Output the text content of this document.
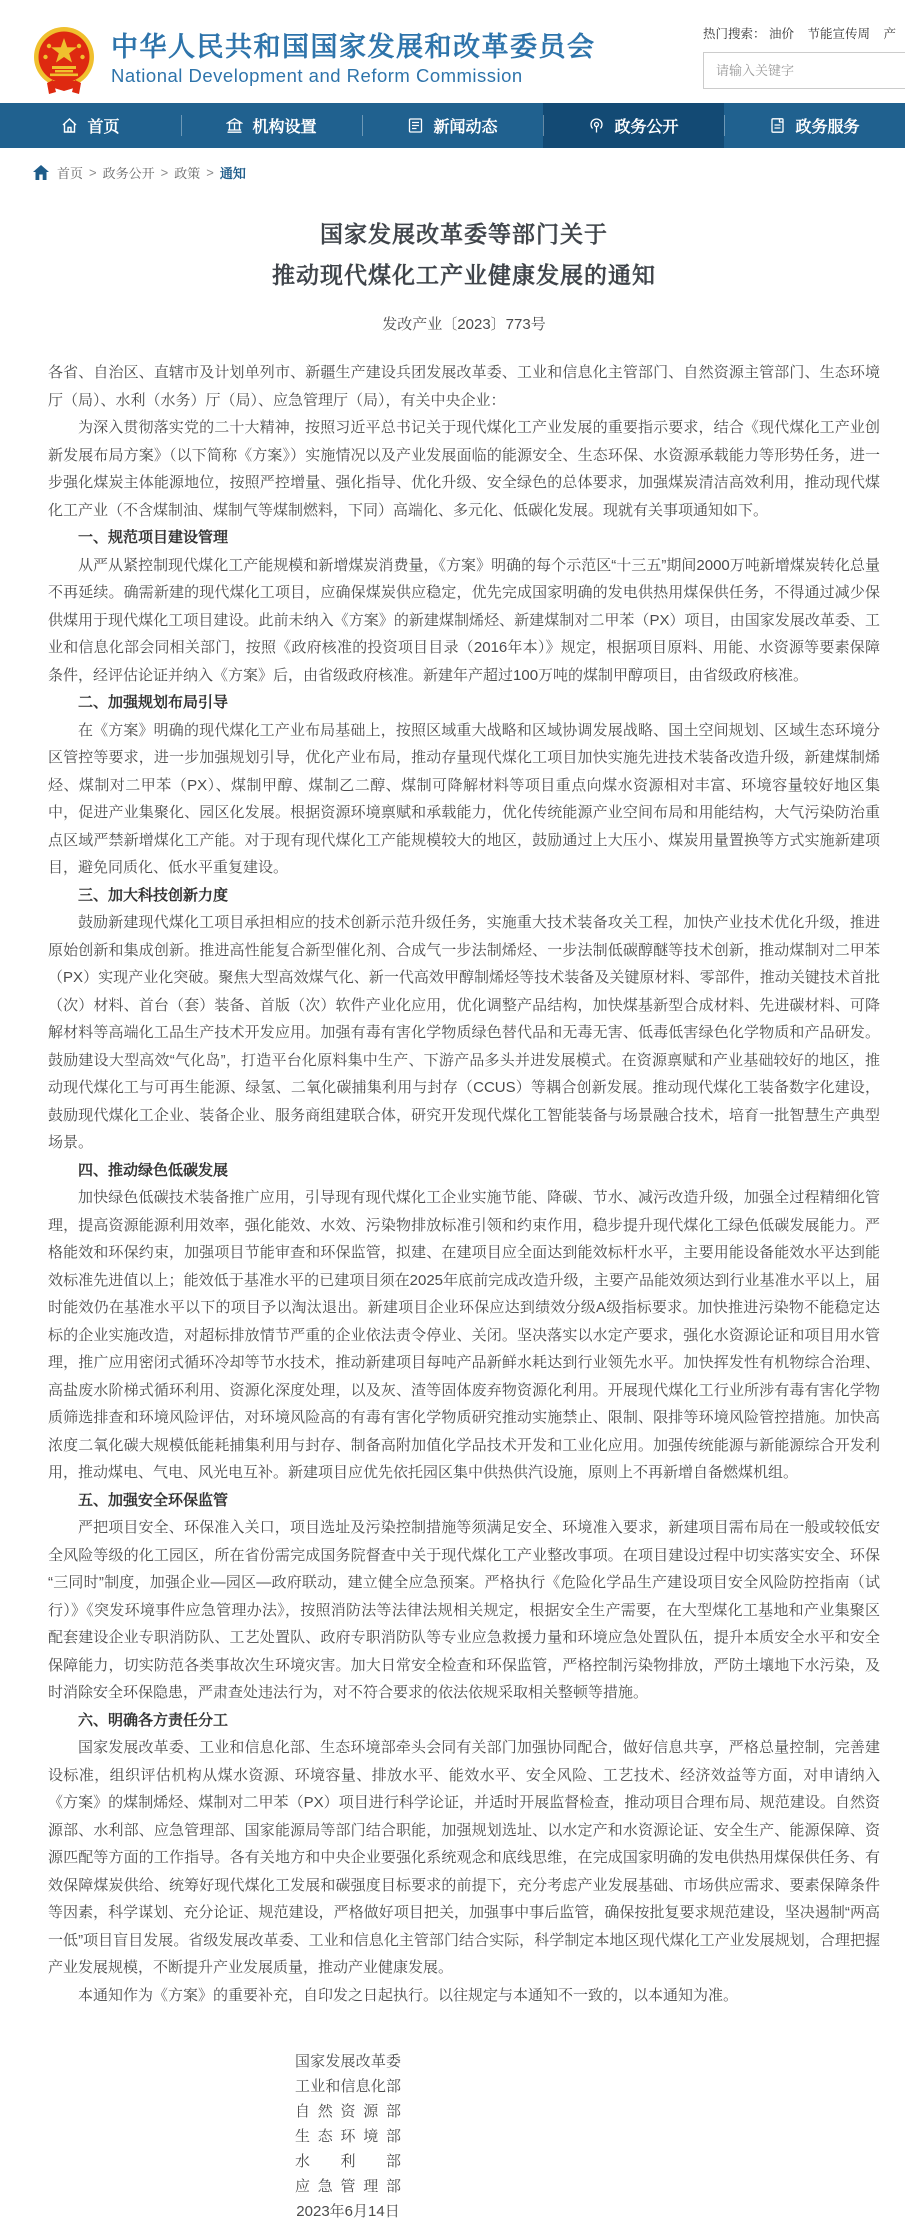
中华人民共和国国家发展和改革委员会
National Development and Reform Commission
热门搜索： 油价 节能宣传周 产
请输入关键字
首页	机构设置	新闻动态	政务公开	政务服务
首页 > 政务公开 > 政策 > 通知
国家发展改革委等部门关于
推动现代煤化工产业健康发展的通知
发改产业〔2023〕773号

各省、自治区、直辖市及计划单列市、新疆生产建设兵团发展改革委、工业和信息化主管部门、自然资源主管部门、生态环境厅（局）、水利（水务）厅（局）、应急管理厅（局），有关中央企业：

为深入贯彻落实党的二十大精神，按照习近平总书记关于现代煤化工产业发展的重要指示要求，结合《现代煤化工产业创新发展布局方案》（以下简称《方案》）实施情况以及产业发展面临的能源安全、生态环保、水资源承载能力等形势任务，进一步强化煤炭主体能源地位，按照严控增量、强化指导、优化升级、安全绿色的总体要求，加强煤炭清洁高效利用，推动现代煤化工产业（不含煤制油、煤制气等煤制燃料，下同）高端化、多元化、低碳化发展。现就有关事项通知如下。

一、规范项目建设管理

从严从紧控制现代煤化工产能规模和新增煤炭消费量，《方案》明确的每个示范区“十三五”期间2000万吨新增煤炭转化总量不再延续。确需新建的现代煤化工项目，应确保煤炭供应稳定，优先完成国家明确的发电供热用煤保供任务，不得通过减少保供煤用于现代煤化工项目建设。此前未纳入《方案》的新建煤制烯烃、新建煤制对二甲苯（PX）项目，由国家发展改革委、工业和信息化部会同相关部门，按照《政府核准的投资项目目录（2016年本）》规定，根据项目原料、用能、水资源等要素保障条件，经评估论证并纳入《方案》后，由省级政府核准。新建年产超过100万吨的煤制甲醇项目，由省级政府核准。

二、加强规划布局引导

在《方案》明确的现代煤化工产业布局基础上，按照区域重大战略和区域协调发展战略、国土空间规划、区域生态环境分区管控等要求，进一步加强规划引导，优化产业布局，推动存量现代煤化工项目加快实施先进技术装备改造升级，新建煤制烯烃、煤制对二甲苯（PX）、煤制甲醇、煤制乙二醇、煤制可降解材料等项目重点向煤水资源相对丰富、环境容量较好地区集中，促进产业集聚化、园区化发展。根据资源环境禀赋和承载能力，优化传统能源产业空间布局和用能结构，大气污染防治重点区域严禁新增煤化工产能。对于现有现代煤化工产能规模较大的地区，鼓励通过上大压小、煤炭用量置换等方式实施新建项目，避免同质化、低水平重复建设。

三、加大科技创新力度

鼓励新建现代煤化工项目承担相应的技术创新示范升级任务，实施重大技术装备攻关工程，加快产业技术优化升级，推进原始创新和集成创新。推进高性能复合新型催化剂、合成气一步法制烯烃、一步法制低碳醇醚等技术创新，推动煤制对二甲苯（PX）实现产业化突破。聚焦大型高效煤气化、新一代高效甲醇制烯烃等技术装备及关键原材料、零部件，推动关键技术首批（次）材料、首台（套）装备、首版（次）软件产业化应用，优化调整产品结构，加快煤基新型合成材料、先进碳材料、可降解材料等高端化工品生产技术开发应用。加强有毒有害化学物质绿色替代品和无毒无害、低毒低害绿色化学物质和产品研发。鼓励建设大型高效“气化岛”，打造平台化原料集中生产、下游产品多头并进发展模式。在资源禀赋和产业基础较好的地区，推动现代煤化工与可再生能源、绿氢、二氧化碳捕集利用与封存（CCUS）等耦合创新发展。推动现代煤化工装备数字化建设，鼓励现代煤化工企业、装备企业、服务商组建联合体，研究开发现代煤化工智能装备与场景融合技术，培育一批智慧生产典型场景。

四、推动绿色低碳发展

加快绿色低碳技术装备推广应用，引导现有现代煤化工企业实施节能、降碳、节水、减污改造升级，加强全过程精细化管理，提高资源能源利用效率，强化能效、水效、污染物排放标准引领和约束作用，稳步提升现代煤化工绿色低碳发展能力。严格能效和环保约束，加强项目节能审查和环保监管，拟建、在建项目应全面达到能效标杆水平，主要用能设备能效水平达到能效标准先进值以上；能效低于基准水平的已建项目须在2025年底前完成改造升级，主要产品能效须达到行业基准水平以上，届时能效仍在基准水平以下的项目予以淘汰退出。新建项目企业环保应达到绩效分级A级指标要求。加快推进污染物不能稳定达标的企业实施改造，对超标排放情节严重的企业依法责令停业、关闭。坚决落实以水定产要求，强化水资源论证和项目用水管理，推广应用密闭式循环冷却等节水技术，推动新建项目每吨产品新鲜水耗达到行业领先水平。加快挥发性有机物综合治理、高盐废水阶梯式循环利用、资源化深度处理，以及灰、渣等固体废弃物资源化利用。开展现代煤化工行业所涉有毒有害化学物质筛选排查和环境风险评估，对环境风险高的有毒有害化学物质研究推动实施禁止、限制、限排等环境风险管控措施。加快高浓度二氧化碳大规模低能耗捕集利用与封存、制备高附加值化学品技术开发和工业化应用。加强传统能源与新能源综合开发利用，推动煤电、气电、风光电互补。新建项目应优先依托园区集中供热供汽设施，原则上不再新增自备燃煤机组。

五、加强安全环保监管

严把项目安全、环保准入关口，项目选址及污染控制措施等须满足安全、环境准入要求，新建项目需布局在一般或较低安全风险等级的化工园区，所在省份需完成国务院督查中关于现代煤化工产业整改事项。在项目建设过程中切实落实安全、环保“三同时”制度，加强企业—园区—政府联动，建立健全应急预案。严格执行《危险化学品生产建设项目安全风险防控指南（试行）》《突发环境事件应急管理办法》，按照消防法等法律法规相关规定，根据安全生产需要，在大型煤化工基地和产业集聚区配套建设企业专职消防队、工艺处置队、政府专职消防队等专业应急救援力量和环境应急处置队伍，提升本质安全水平和安全保障能力，切实防范各类事故次生环境灾害。加大日常安全检查和环保监管，严格控制污染物排放，严防土壤地下水污染，及时消除安全环保隐患，严肃查处违法行为，对不符合要求的依法依规采取相关整顿等措施。

六、明确各方责任分工

国家发展改革委、工业和信息化部、生态环境部牵头会同有关部门加强协同配合，做好信息共享，严格总量控制，完善建设标准，组织评估机构从煤水资源、环境容量、排放水平、能效水平、安全风险、工艺技术、经济效益等方面，对申请纳入《方案》的煤制烯烃、煤制对二甲苯（PX）项目进行科学论证，并适时开展监督检查，推动项目合理布局、规范建设。自然资源部、水利部、应急管理部、国家能源局等部门结合职能，加强规划选址、以水定产和水资源论证、安全生产、能源保障、资源匹配等方面的工作指导。各有关地方和中央企业要强化系统观念和底线思维，在完成国家明确的发电供热用煤保供任务、有效保障煤炭供给、统筹好现代煤化工发展和碳强度目标要求的前提下，充分考虑产业发展基础、市场供应需求、要素保障条件等因素，科学谋划、充分论证、规范建设，严格做好项目把关，加强事中事后监管，确保按批复要求规范建设，坚决遏制“两高一低”项目盲目发展。省级发展改革委、工业和信息化主管部门结合实际，科学制定本地区现代煤化工产业发展规划，合理把握产业发展规模，不断提升产业发展质量，推动产业健康发展。

本通知作为《方案》的重要补充，自印发之日起执行。以往规定与本通知不一致的，以本通知为准。

国家发展改革委
工业和信息化部
自然资源部
生态环境部
水利部
应急管理部
2023年6月14日
